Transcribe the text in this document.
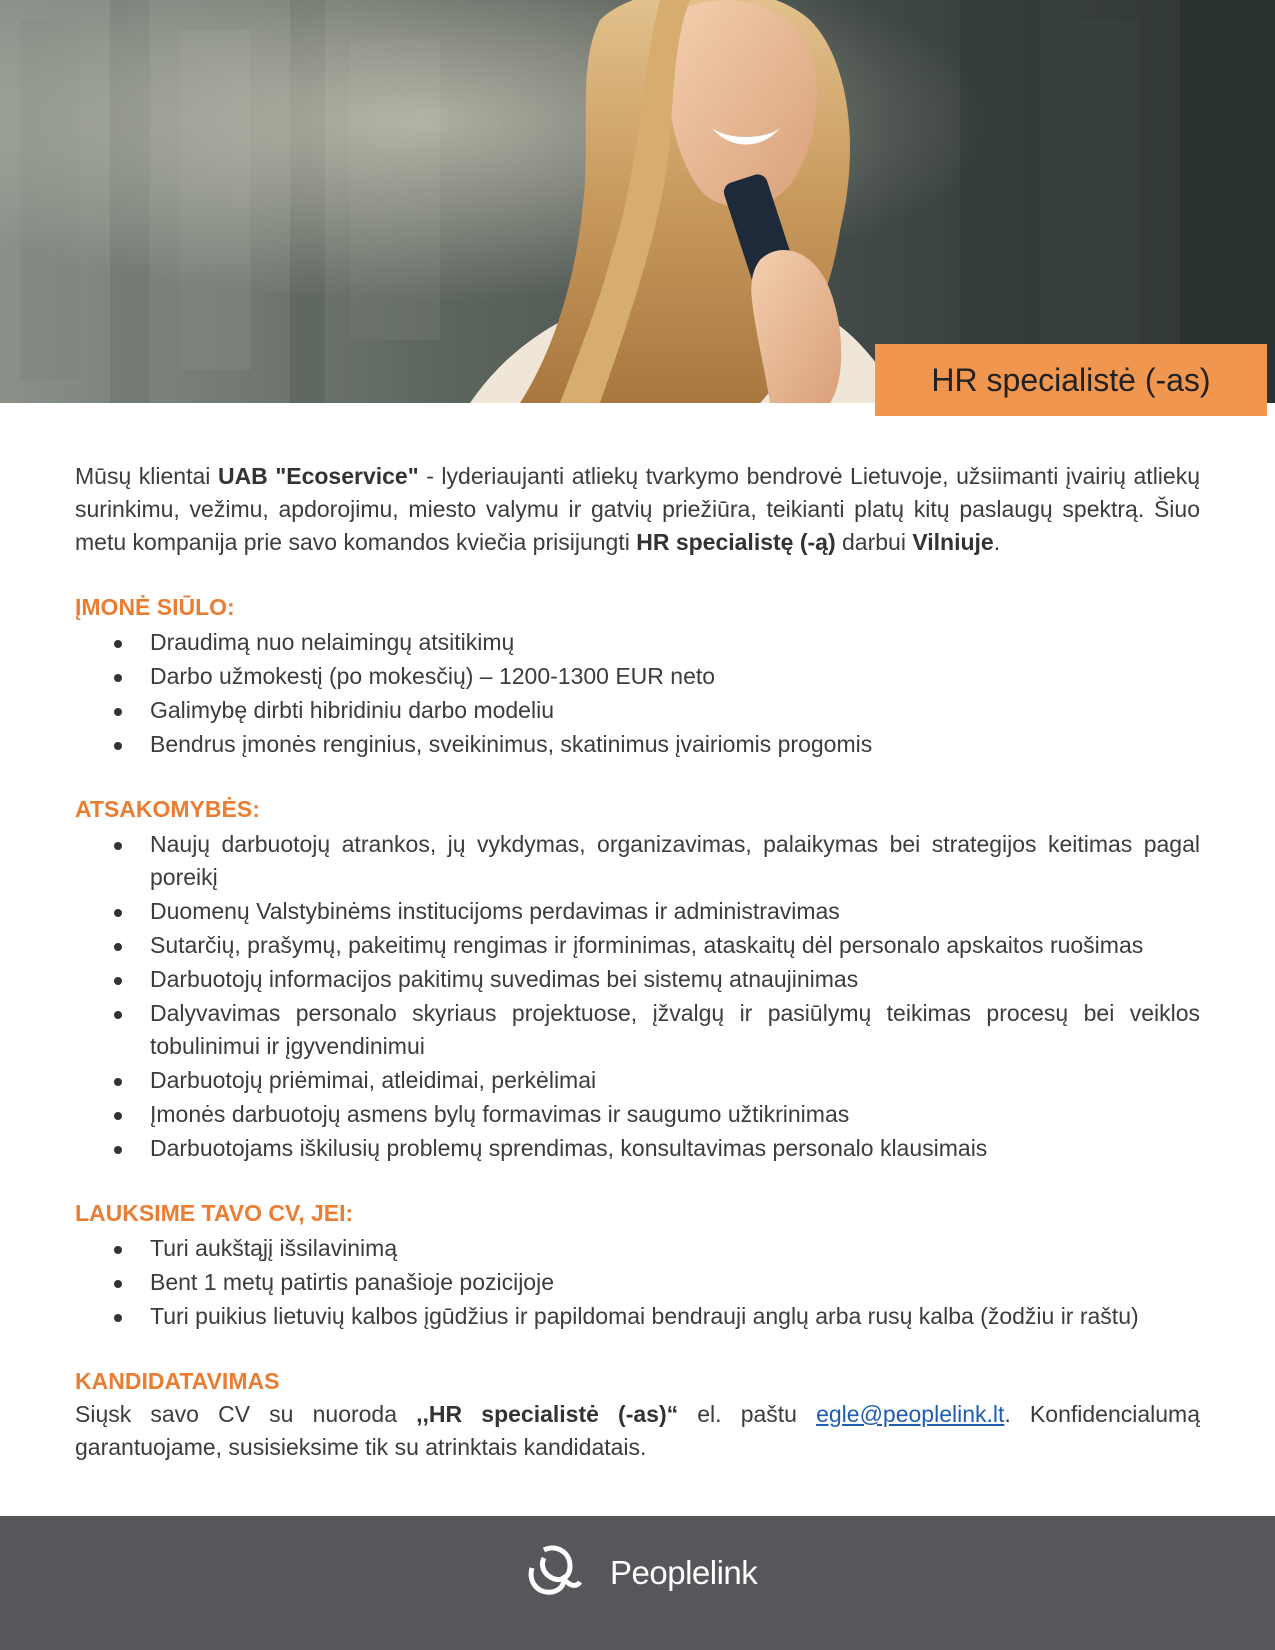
HR specialistė (-as)

Mūsų klientai UAB "Ecoservice" - lyderiaujanti atliekų tvarkymo bendrovė Lietuvoje, užsiimanti įvairių atliekų surinkimu, vežimu, apdorojimu, miesto valymu ir gatvių priežiūra, teikianti platų kitų paslaugų spektrą. Šiuo metu kompanija prie savo komandos kviečia prisijungti HR specialistę (-ą) darbui Vilniuje.

ĮMONĖ SIŪLO:
Draudimą nuo nelaimingų atsitikimų
Darbo užmokestį (po mokesčių) – 1200-1300 EUR neto
Galimybę dirbti hibridiniu darbo modeliu
Bendrus įmonės renginius, sveikinimus, skatinimus įvairiomis progomis
ATSAKOMYBĖS:
Naujų darbuotojų atrankos, jų vykdymas, organizavimas, palaikymas bei strategijos keitimas pagal poreikį
Duomenų Valstybinėms institucijoms perdavimas ir administravimas
Sutarčių, prašymų, pakeitimų rengimas ir įforminimas, ataskaitų dėl personalo apskaitos ruošimas
Darbuotojų informacijos pakitimų suvedimas bei sistemų atnaujinimas
Dalyvavimas personalo skyriaus projektuose, įžvalgų ir pasiūlymų teikimas procesų bei veiklos tobulinimui ir įgyvendinimui
Darbuotojų priėmimai, atleidimai, perkėlimai
Įmonės darbuotojų asmens bylų formavimas ir saugumo užtikrinimas
Darbuotojams iškilusių problemų sprendimas, konsultavimas personalo klausimais
LAUKSIME TAVO CV, JEI:
Turi aukštąjį išsilavinimą
Bent 1 metų patirtis panašioje pozicijoje
Turi puikius lietuvių kalbos įgūdžius ir papildomai bendrauji anglų arba rusų kalba (žodžiu ir raštu)
KANDIDATAVIMAS

Siųsk savo CV su nuoroda ,,HR specialistė (-as)“ el. paštu egle@peoplelink.lt. Konfidencialumą garantuojame, susisieksime tik su atrinktais kandidatais.

Peoplelink
